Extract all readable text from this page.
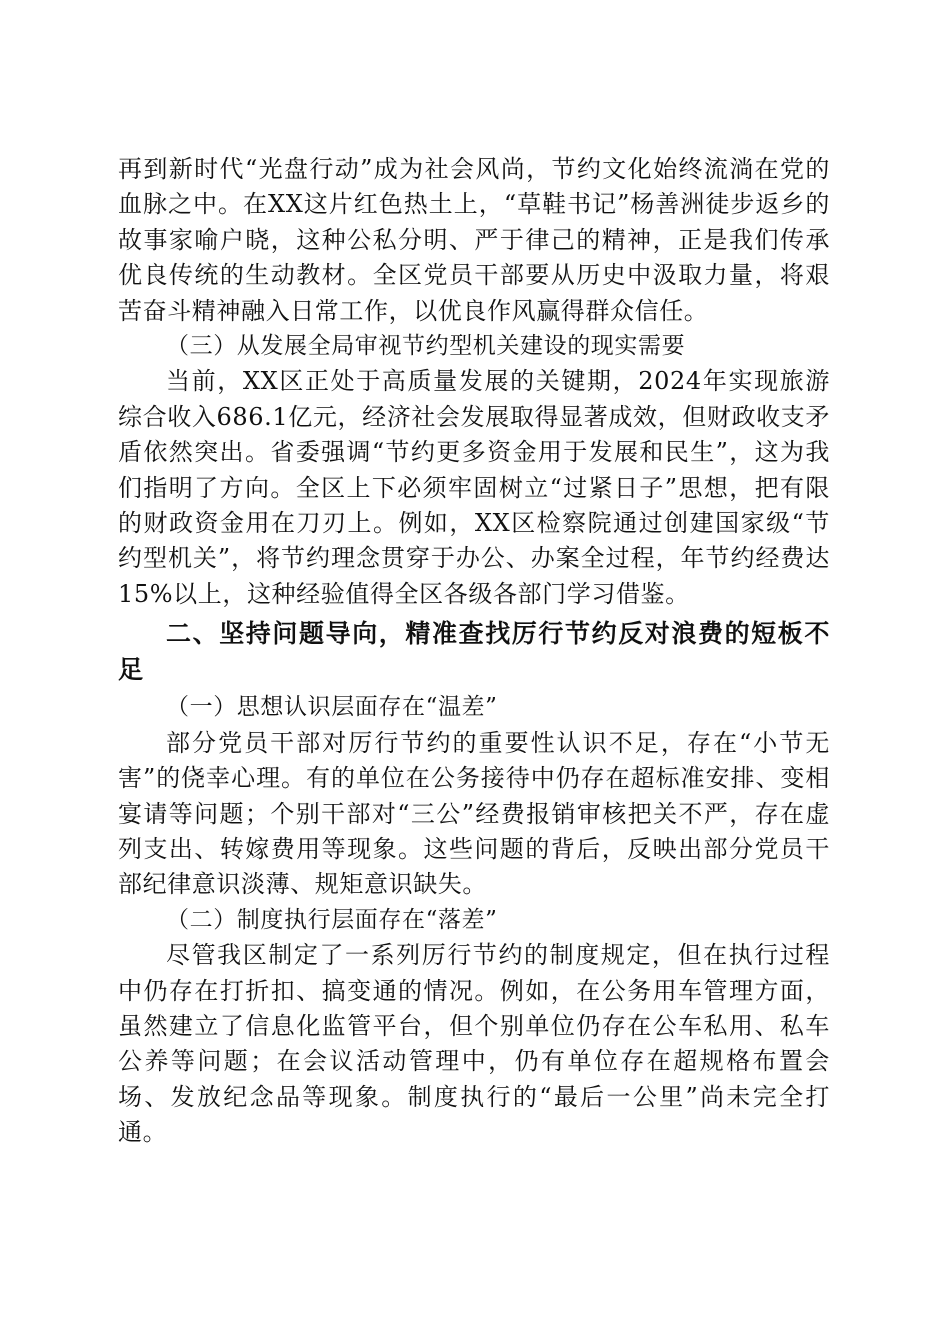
再到新时代“光盘行动”成为社会风尚，节约文化始终流淌在党的血脉之中。在XX这片红色热土上，“草鞋书记”杨善洲徒步返乡的故事家喻户晓，这种公私分明、严于律己的精神，正是我们传承优良传统的生动教材。全区党员干部要从历史中汲取力量，将艰苦奋斗精神融入日常工作，以优良作风赢得群众信任。

（三）从发展全局审视节约型机关建设的现实需要

当前，XX区正处于高质量发展的关键期，2024年实现旅游综合收入686.1亿元，经济社会发展取得显著成效，但财政收支矛盾依然突出。省委强调“节约更多资金用于发展和民生”，这为我们指明了方向。全区上下必须牢固树立“过紧日子”思想，把有限的财政资金用在刀刃上。例如，XX区检察院通过创建国家级“节约型机关”，将节约理念贯穿于办公、办案全过程，年节约经费达15%以上，这种经验值得全区各级各部门学习借鉴。

二、坚持问题导向，精准查找厉行节约反对浪费的短板不足

（一）思想认识层面存在“温差”

部分党员干部对厉行节约的重要性认识不足，存在“小节无害”的侥幸心理。有的单位在公务接待中仍存在超标准安排、变相宴请等问题；个别干部对“三公”经费报销审核把关不严，存在虚列支出、转嫁费用等现象。这些问题的背后，反映出部分党员干部纪律意识淡薄、规矩意识缺失。

（二）制度执行层面存在“落差”

尽管我区制定了一系列厉行节约的制度规定，但在执行过程中仍存在打折扣、搞变通的情况。例如，在公务用车管理方面，虽然建立了信息化监管平台，但个别单位仍存在公车私用、私车公养等问题；在会议活动管理中，仍有单位存在超规格布置会场、发放纪念品等现象。制度执行的“最后一公里”尚未完全打通。
